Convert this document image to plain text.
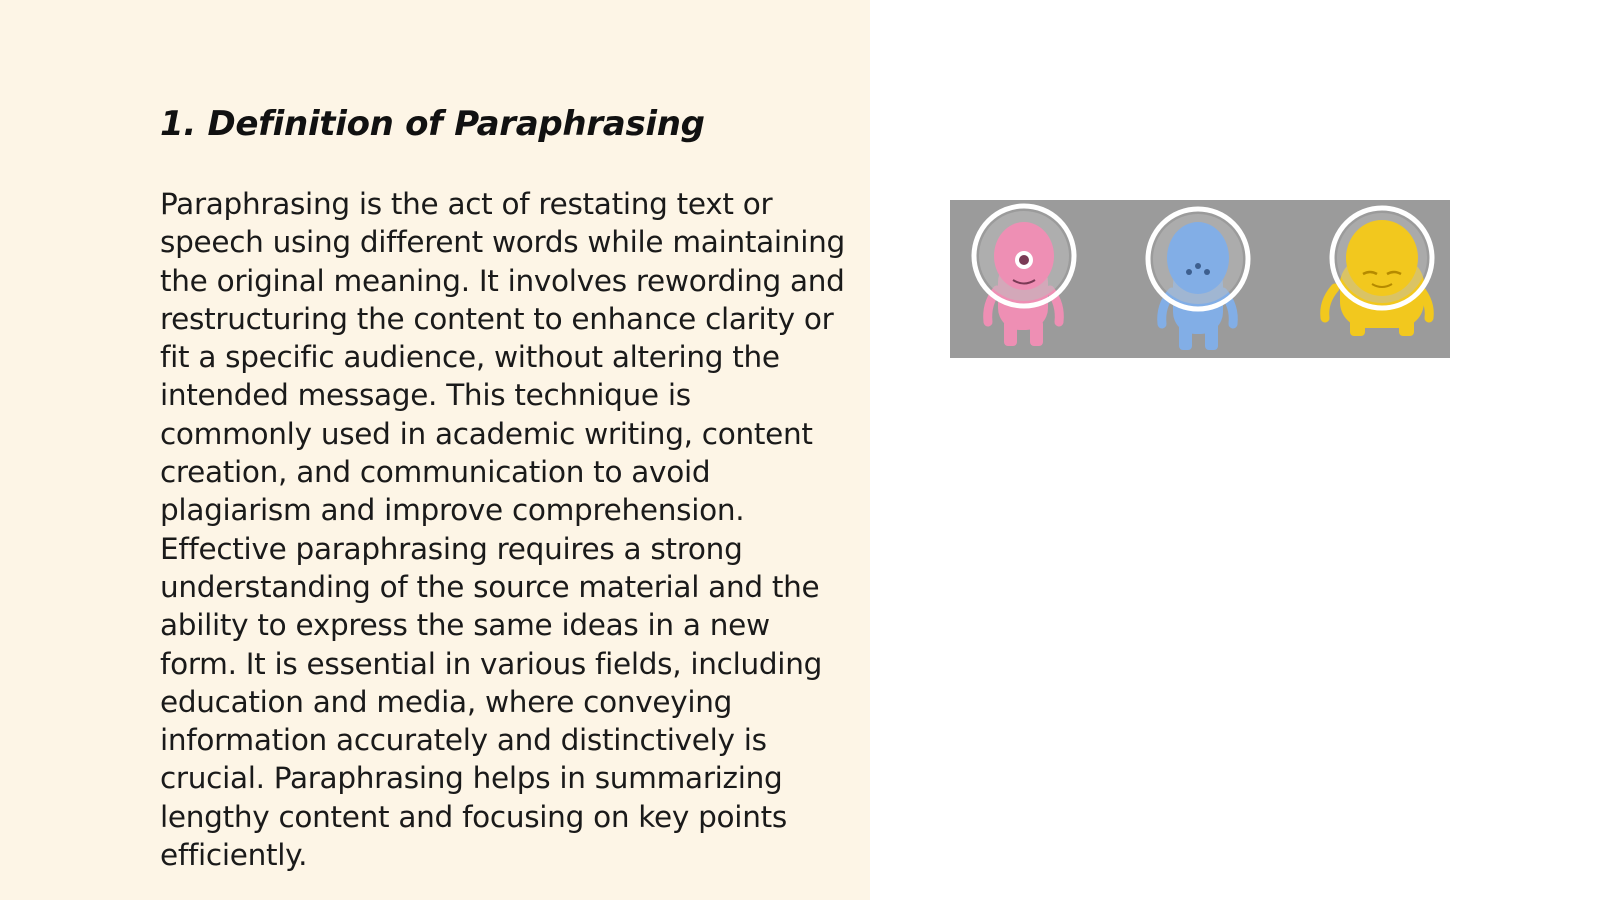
1. Definition of Paraphrasing

Paraphrasing is the act of restating text or speech using different words while maintaining the original meaning. It involves rewording and restructuring the content to enhance clarity or fit a specific audience, without altering the intended message. This technique is commonly used in academic writing, content creation, and communication to avoid plagiarism and improve comprehension. Effective paraphrasing requires a strong understanding of the source material and the ability to express the same ideas in a new form. It is essential in various fields, including education and media, where conveying information accurately and distinctively is crucial. Paraphrasing helps in summarizing lengthy content and focusing on key points efficiently.
